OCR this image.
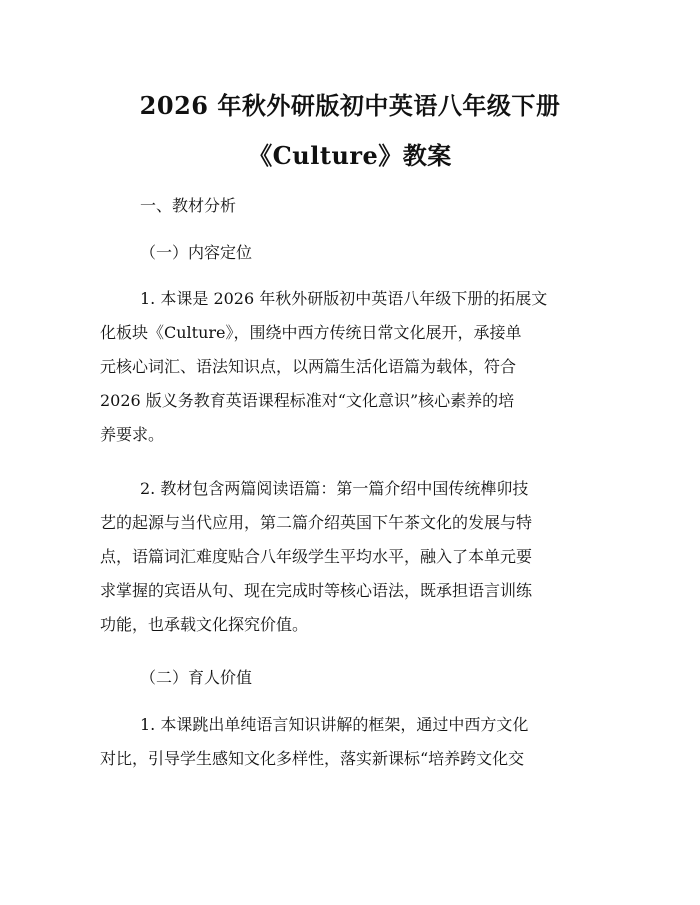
2026 年秋外研版初中英语八年级下册
《Culture》教案
一、教材分析
（一）内容定位
1. 本课是 2026 年秋外研版初中英语八年级下册的拓展文
化板块《Culture》，围绕中西方传统日常文化展开，承接单
元核心词汇、语法知识点，以两篇生活化语篇为载体，符合
2026 版义务教育英语课程标准对“文化意识”核心素养的培
养要求。
2. 教材包含两篇阅读语篇：第一篇介绍中国传统榫卯技
艺的起源与当代应用，第二篇介绍英国下午茶文化的发展与特
点，语篇词汇难度贴合八年级学生平均水平，融入了本单元要
求掌握的宾语从句、现在完成时等核心语法，既承担语言训练
功能，也承载文化探究价值。
（二）育人价值
1. 本课跳出单纯语言知识讲解的框架，通过中西方文化
对比，引导学生感知文化多样性，落实新课标“培养跨文化交
